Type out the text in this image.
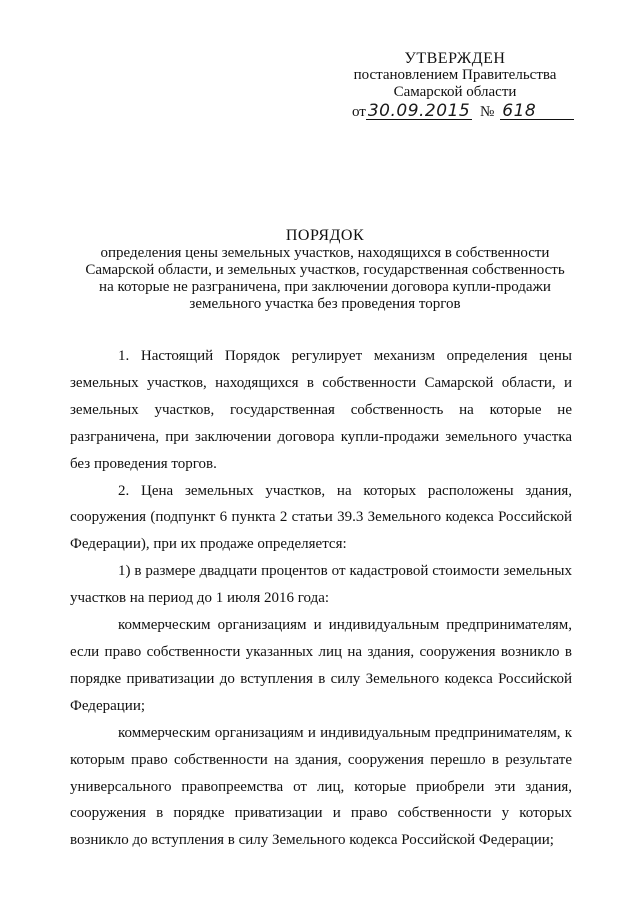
УТВЕРЖДЕН
постановлением Правительства
Самарской области
от 30.09.2015 № 618
ПОРЯДОК
определения цены земельных участков, находящихся в собственности
Самарской области, и земельных участков, государственная собственность
на которые не разграничена, при заключении договора купли-продажи
земельного участка без проведения торгов

1. Настоящий Порядок регулирует механизм определения цены земельных участков, находящихся в собственности Самарской области, и земельных участков, государственная собственность на которые не разграничена, при заключении договора купли-продажи земельного участка без проведения торгов.

2. Цена земельных участков, на которых расположены здания, сооружения (подпункт 6 пункта 2 статьи 39.3 Земельного кодекса Российской Федерации), при их продаже определяется:

1) в размере двадцати процентов от кадастровой стоимости земельных участков на период до 1 июля 2016 года:

коммерческим организациям и индивидуальным предпринимателям, если право собственности указанных лиц на здания, сооружения возникло в порядке приватизации до вступления в силу Земельного кодекса Российской Федерации;

коммерческим организациям и индивидуальным предпринимателям, к которым право собственности на здания, сооружения перешло в результате универсального правопреемства от лиц, которые приобрели эти здания, сооружения в порядке приватизации и право собственности у которых возникло до вступления в силу Земельного кодекса Российской Федерации;
